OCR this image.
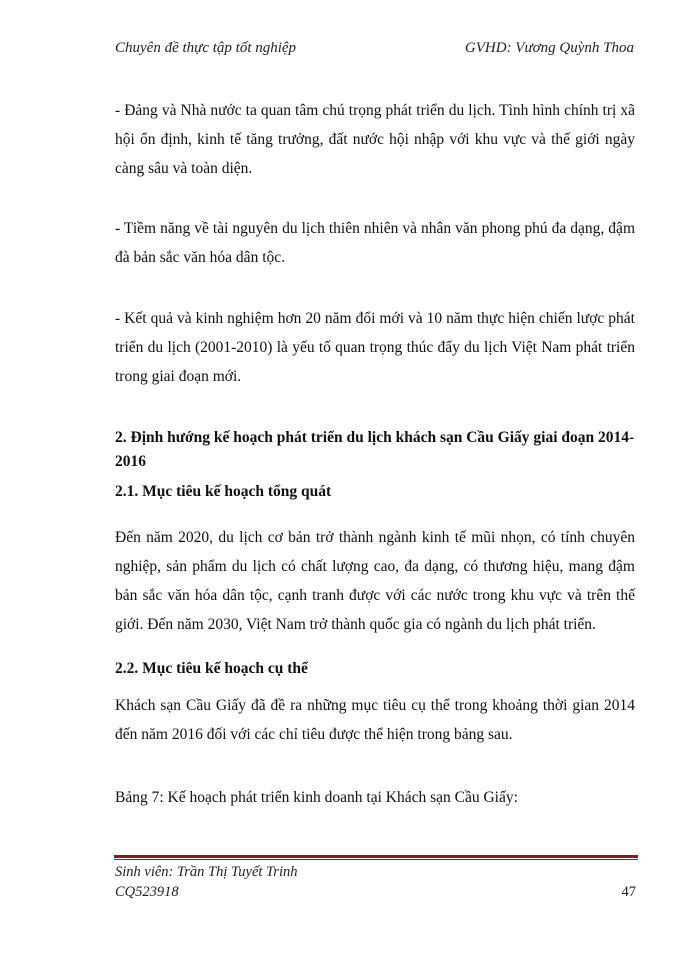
Chuyên đề thực tập tốt nghiệp	GVHD: Vương Quỳnh Thoa

- Đảng và Nhà nước ta quan tâm chú trọng phát triển du lịch. Tình hình chính trị xã hội ổn định, kinh tế tăng trưởng, đất nước hội nhập với khu vực và thế giới ngày càng sâu và toàn diện.

- Tiềm năng về tài nguyên du lịch thiên nhiên và nhân văn phong phú đa dạng, đậm đà bản sắc văn hóa dân tộc.

- Kết quả và kinh nghiệm hơn 20 năm đổi mới và 10 năm thực hiện chiến lược phát triển du lịch (2001-2010) là yếu tố quan trọng thúc đẩy du lịch Việt Nam phát triển trong giai đoạn mới.

2. Định hướng kế hoạch phát triển du lịch khách sạn Cầu Giấy giai đoạn 2014-2016
2.1. Mục tiêu kế hoạch tổng quát

Đến năm 2020, du lịch cơ bản trở thành ngành kinh tế mũi nhọn, có tính chuyên nghiệp, sản phẩm du lịch có chất lượng cao, đa dạng, có thương hiệu, mang đậm bản sắc văn hóa dân tộc, cạnh tranh được với các nước trong khu vực và trên thế giới. Đến năm 2030, Việt Nam trở thành quốc gia có ngành du lịch phát triển.

2.2. Mục tiêu kế hoạch cụ thể

Khách sạn Cầu Giấy đã đề ra những mục tiêu cụ thể trong khoảng thời gian 2014 đến năm 2016 đối với các chỉ tiêu được thể hiện trong bảng sau.

Bảng 7: Kế hoạch phát triển kinh doanh tại Khách sạn Cầu Giấy:

Sinh viên: Trần Thị Tuyết Trinh
CQ523918	47
